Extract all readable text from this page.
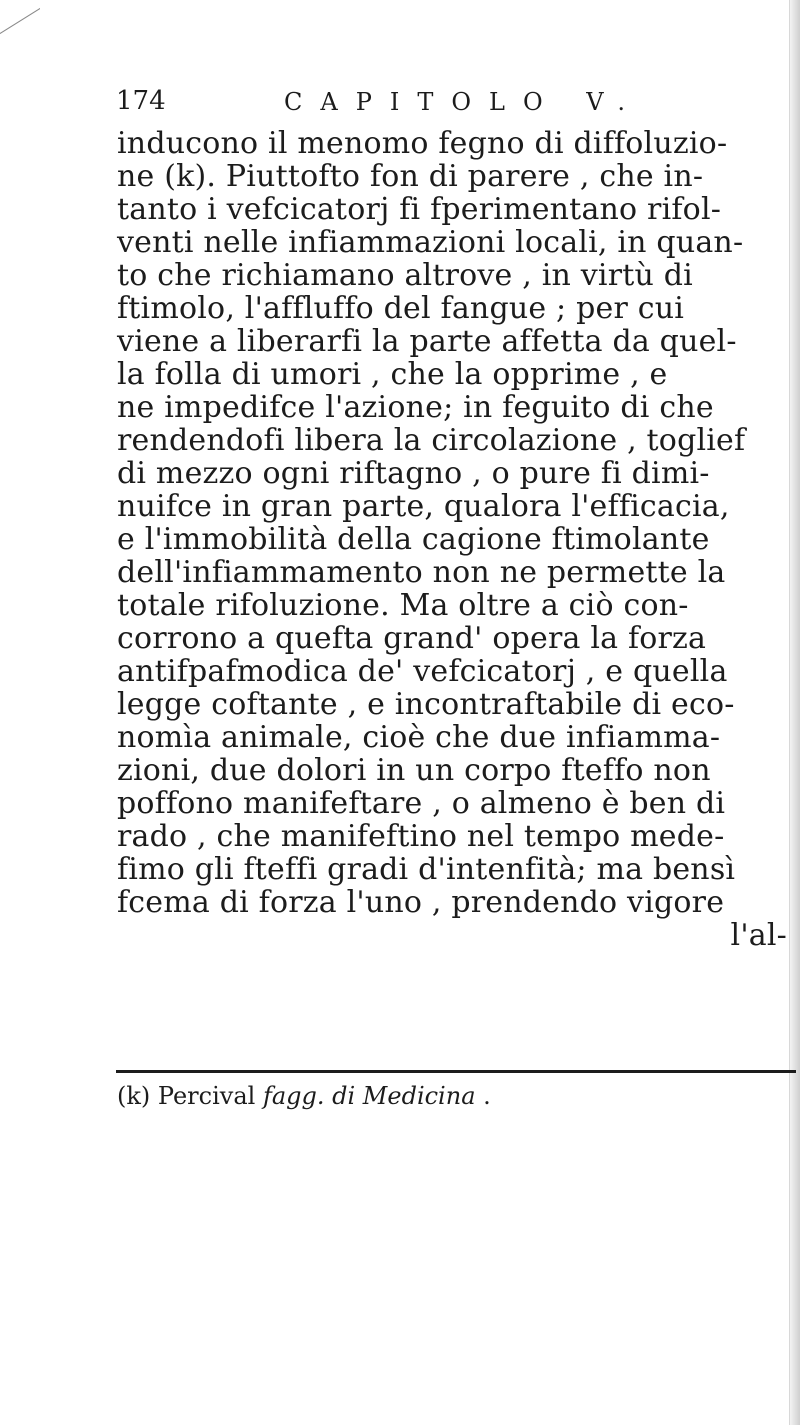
174	CAPITOLO V.
inducono il menomo fegno di diffoluzio-
ne (k). Piuttofto fon di parere , che in-
tanto i vefcicatorj fi fperimentano rifol-
venti nelle infiammazioni locali, in quan-
to che richiamano altrove , in virtù di
ftimolo, l'affluffo del fangue ; per cui
viene a liberarfi la parte affetta da quel-
la folla di umori , che la opprime , e
ne impedifce l'azione; in feguito di che
rendendofi libera la circolazione , toglief
di mezzo ogni riftagno , o pure fi dimi-
nuifce in gran parte, qualora l'efficacia,
e l'immobilità della cagione ftimolante
dell'infiammamento non ne permette la
totale rifoluzione. Ma oltre a ciò con-
corrono a quefta grand' opera la forza
antifpafmodica de' vefcicatorj , e quella
legge coftante , e incontraftabile di eco-
nomìa animale, cioè che due infiamma-
zioni, due dolori in un corpo fteffo non
poffono manifeftare , o almeno è ben di
rado , che manifeftino nel tempo mede-
fimo gli fteffi gradi d'intenfità; ma bensì
fcema di forza l'uno , prendendo vigore
l'al-
(k) Percival fagg. di Medicina .
